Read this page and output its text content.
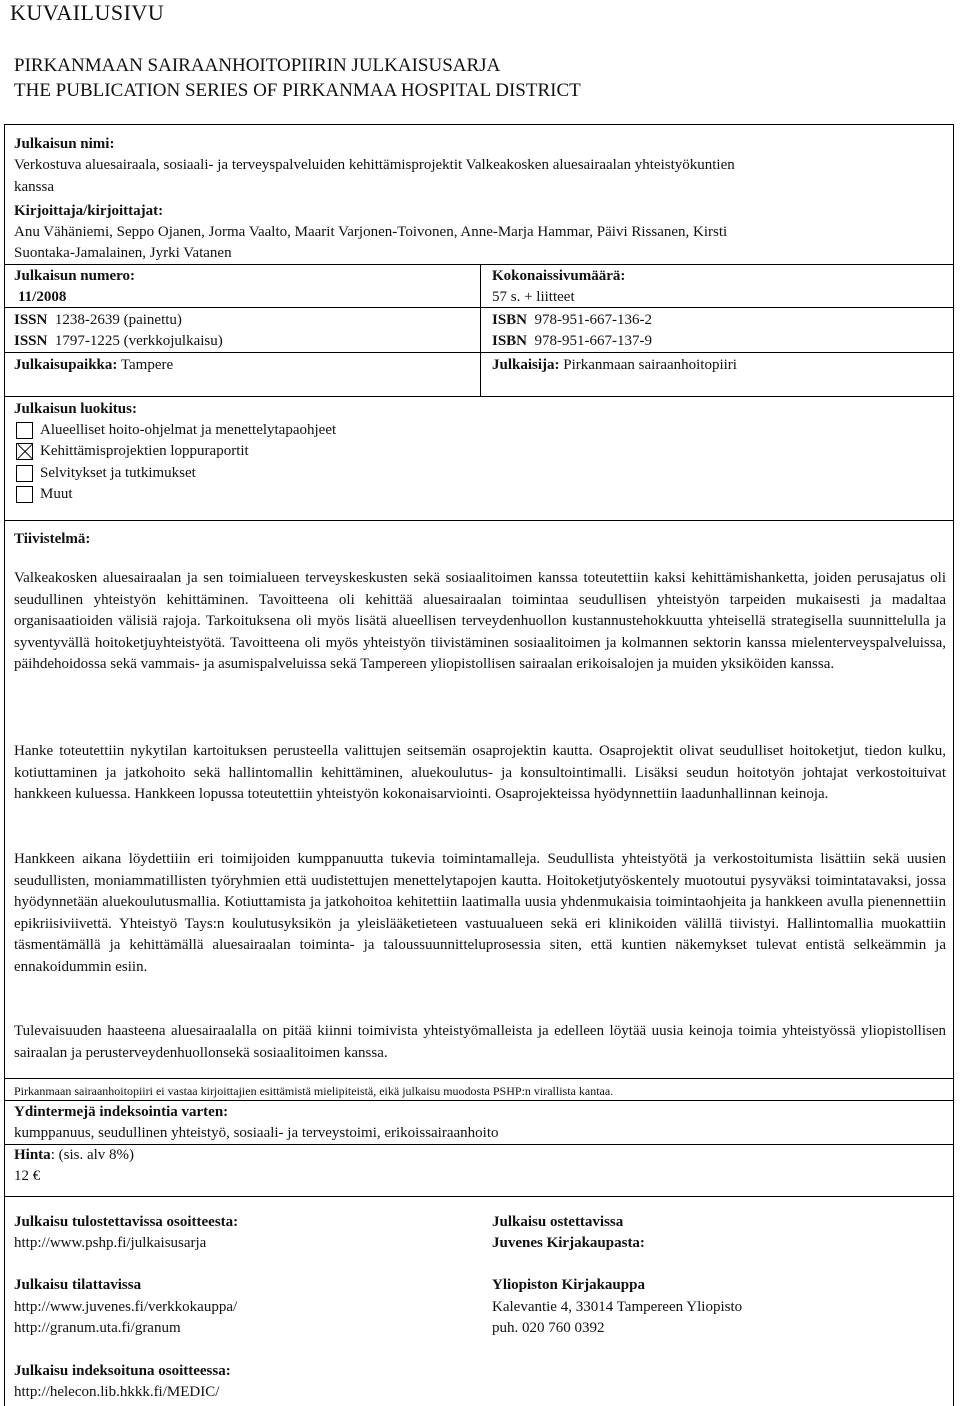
KUVAILUSIVU
PIRKANMAAN SAIRAANHOITOPIIRIN JULKAISUSARJA
THE PUBLICATION SERIES OF PIRKANMAA HOSPITAL DISTRICT
Julkaisun nimi:
Verkostuva aluesairaala, sosiaali- ja terveyspalveluiden kehittämisprojektit Valkeakosken aluesairaalan yhteistyökuntien
kanssa
Kirjoittaja/kirjoittajat:
Anu Vähäniemi, Seppo Ojanen, Jorma Vaalto, Maarit Varjonen-Toivonen, Anne-Marja Hammar, Päivi Rissanen, Kirsti
Suontaka-Jamalainen, Jyrki Vatanen
Julkaisun numero:
11/2008
Kokonaissivumäärä:
57 s. + liitteet
ISSN 1238-2639 (painettu)
ISSN 1797-1225 (verkkojulkaisu)
ISBN 978-951-667-136-2
ISBN 978-951-667-137-9
Julkaisupaikka: Tampere	Julkaisija: Pirkanmaan sairaanhoitopiiri
Julkaisun luokitus:
Alueelliset hoito-ohjelmat ja menettelytapaohjeet
Kehittämisprojektien loppuraportit
Selvitykset ja tutkimukset
Muut
Tiivistelmä:
Valkeakosken aluesairaalan ja sen toimialueen terveyskeskusten sekä sosiaalitoimen kanssa toteutettiin kaksi kehittämishanketta, joiden perusajatus oli seudullinen yhteistyön kehittäminen. Tavoitteena oli kehittää aluesairaalan toimintaa seudullisen yhteistyön tarpeiden mukaisesti ja madaltaa organisaatioiden välisiä rajoja. Tarkoituksena oli myös lisätä alueellisen terveydenhuollon kustannustehokkuutta yhteisellä strategisella suunnittelulla ja syventyvällä hoitoketjuyhteistyötä. Tavoitteena oli myös yhteistyön tiivistäminen sosiaalitoimen ja kolmannen sektorin kanssa mielenterveyspalveluissa, päihdehoidossa sekä vammais- ja asumispalveluissa sekä Tampereen yliopistollisen sairaalan erikoisalojen ja muiden yksiköiden kanssa.
Hanke toteutettiin nykytilan kartoituksen perusteella valittujen seitsemän osaprojektin kautta. Osaprojektit olivat seudulliset hoitoketjut, tiedon kulku, kotiuttaminen ja jatkohoito sekä hallintomallin kehittäminen, aluekoulutus- ja konsultointimalli. Lisäksi seudun hoitotyön johtajat verkostoituivat hankkeen kuluessa. Hankkeen lopussa toteutettiin yhteistyön kokonaisarviointi. Osaprojekteissa hyödynnettiin laadunhallinnan keinoja.
Hankkeen aikana löydettiiin eri toimijoiden kumppanuutta tukevia toimintamalleja. Seudullista yhteistyötä ja verkostoitumista lisättiin sekä uusien seudullisten, moniammatillisten työryhmien että uudistettujen menettelytapojen kautta. Hoitoketjutyöskentely muotoutui pysyväksi toimintatavaksi, jossa hyödynnetään aluekoulutusmallia. Kotiuttamista ja jatkohoitoa kehitettiin laatimalla uusia yhdenmukaisia toimintaohjeita ja hankkeen avulla pienennettiin epikriisiviivettä. Yhteistyö Tays:n koulutusyksikön ja yleislääketieteen vastuualueen sekä eri klinikoiden välillä tiivistyi. Hallintomallia muokattiin täsmentämällä ja kehittämällä aluesairaalan toiminta- ja taloussuunnitteluprosessia siten, että kuntien näkemykset tulevat entistä selkeämmin ja ennakoidummin esiin.
Tulevaisuuden haasteena aluesairaalalla on pitää kiinni toimivista yhteistyömalleista ja edelleen löytää uusia keinoja toimia yhteistyössä yliopistollisen sairaalan ja perusterveydenhuollonsekä sosiaalitoimen kanssa.
Pirkanmaan sairaanhoitopiiri ei vastaa kirjoittajien esittämistä mielipiteistä, eikä julkaisu muodosta PSHP:n virallista kantaa.
Ydintermejä indeksointia varten:
kumppanuus, seudullinen yhteistyö, sosiaali- ja terveystoimi, erikoissairaanhoito
Hinta: (sis. alv 8%)
12 €
Julkaisu tulostettavissa osoitteesta:
http://www.pshp.fi/julkaisusarja
Julkaisu tilattavissa
http://www.juvenes.fi/verkkokauppa/
http://granum.uta.fi/granum
Julkaisu indeksoituna osoitteessa:
http://helecon.lib.hkkk.fi/MEDIC/
Julkaisu ostettavissa
Juvenes Kirjakaupasta:
Yliopiston Kirjakauppa
Kalevantie 4, 33014 Tampereen Yliopisto
puh. 020 760 0392
